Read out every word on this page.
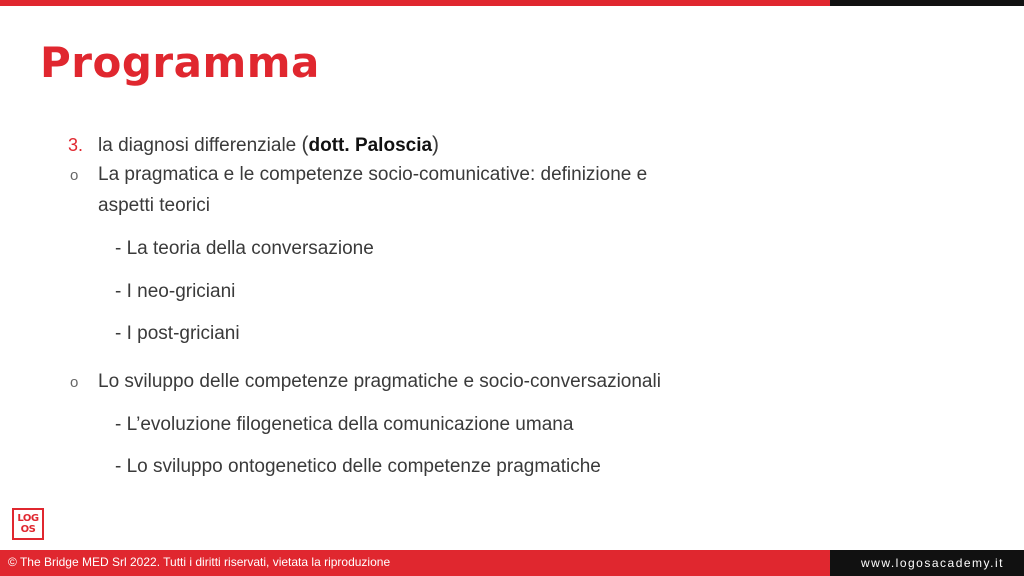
Programma
3. la diagnosi differenziale (dott. Paloscia)
o La pragmatica e le competenze socio-comunicative: definizione e
aspetti teorici
- La teoria della conversazione
- I neo-griciani
- I post-griciani
o Lo sviluppo delle competenze pragmatiche e socio-conversazionali
- L’evoluzione filogenetica della comunicazione umana
- Lo sviluppo ontogenetico delle competenze pragmatiche
LOG
OS
© The Bridge MED Srl 2022. Tutti i diritti riservati, vietata la riproduzione	www.logosacademy.it
